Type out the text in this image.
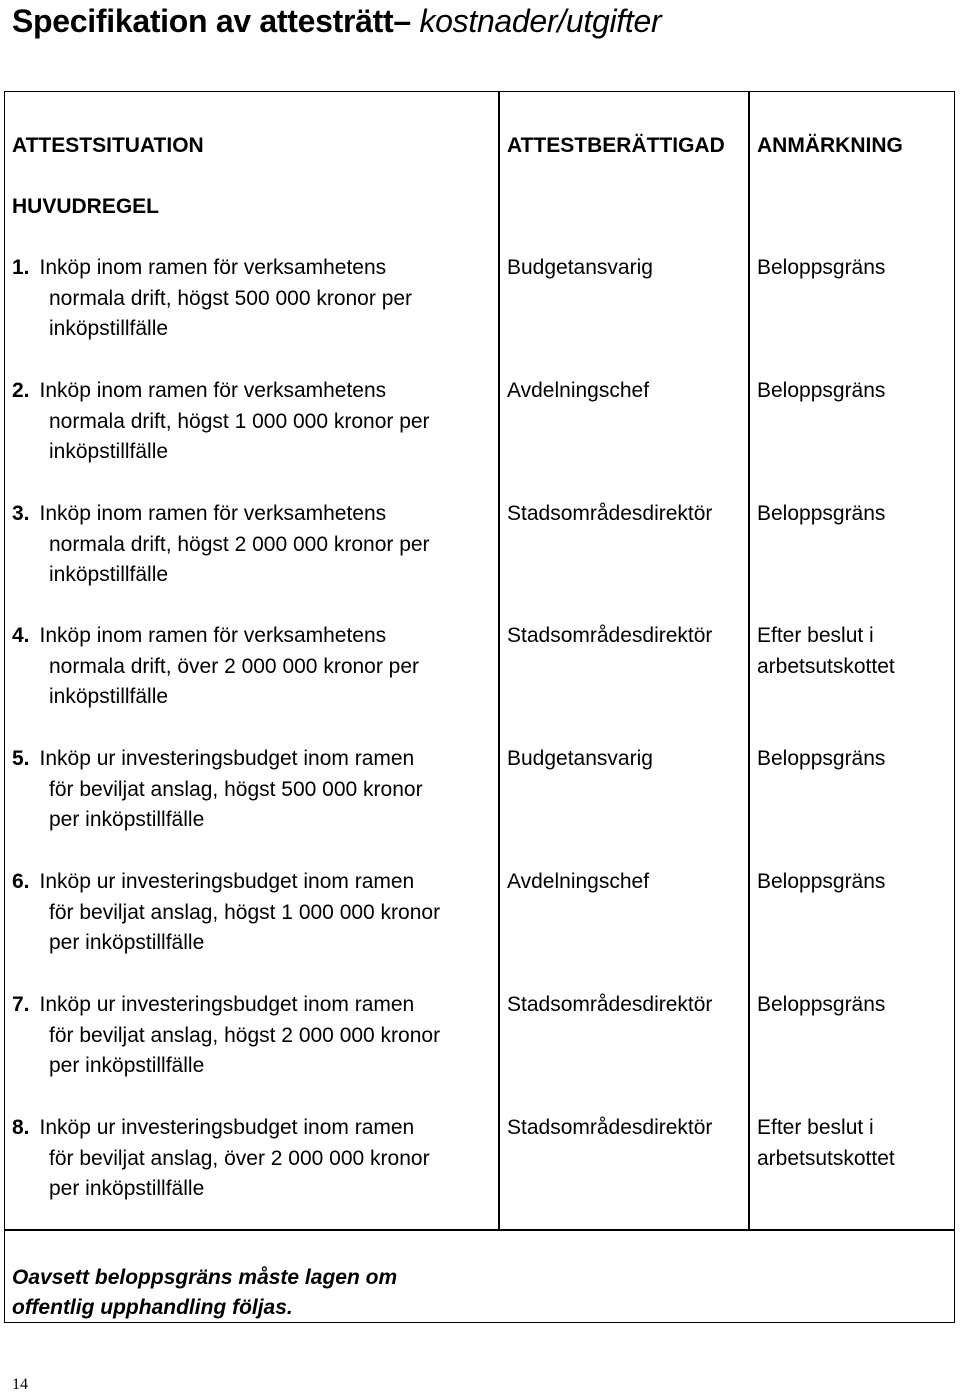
Specifikation av attesträtt– kostnader/utgifter
ATTESTSITUATION	ATTESTBERÄTTIGAD ANMÄRKNING
HUVUDREGEL
1. Inköp inom ramen för verksamhetens
normala drift, högst 500 000 kronor per
inköpstillfälle
Budgetansvarig	Beloppsgräns
2. Inköp inom ramen för verksamhetens
normala drift, högst 1 000 000 kronor per
inköpstillfälle
Avdelningschef	Beloppsgräns
3. Inköp inom ramen för verksamhetens
normala drift, högst 2 000 000 kronor per
inköpstillfälle
Stadsområdesdirektör Beloppsgräns
4. Inköp inom ramen för verksamhetens
normala drift, över 2 000 000 kronor per
inköpstillfälle
Stadsområdesdirektör Efter beslut i
arbetsutskottet
5. Inköp ur investeringsbudget inom ramen
för beviljat anslag, högst 500 000 kronor
per inköpstillfälle
Budgetansvarig	Beloppsgräns
6. Inköp ur investeringsbudget inom ramen
för beviljat anslag, högst 1 000 000 kronor
per inköpstillfälle
Avdelningschef	Beloppsgräns
7. Inköp ur investeringsbudget inom ramen
för beviljat anslag, högst 2 000 000 kronor
per inköpstillfälle
Stadsområdesdirektör Beloppsgräns
8. Inköp ur investeringsbudget inom ramen
för beviljat anslag, över 2 000 000 kronor
per inköpstillfälle
Stadsområdesdirektör Efter beslut i
arbetsutskottet
Oavsett beloppsgräns måste lagen om
offentlig upphandling följas.
14
